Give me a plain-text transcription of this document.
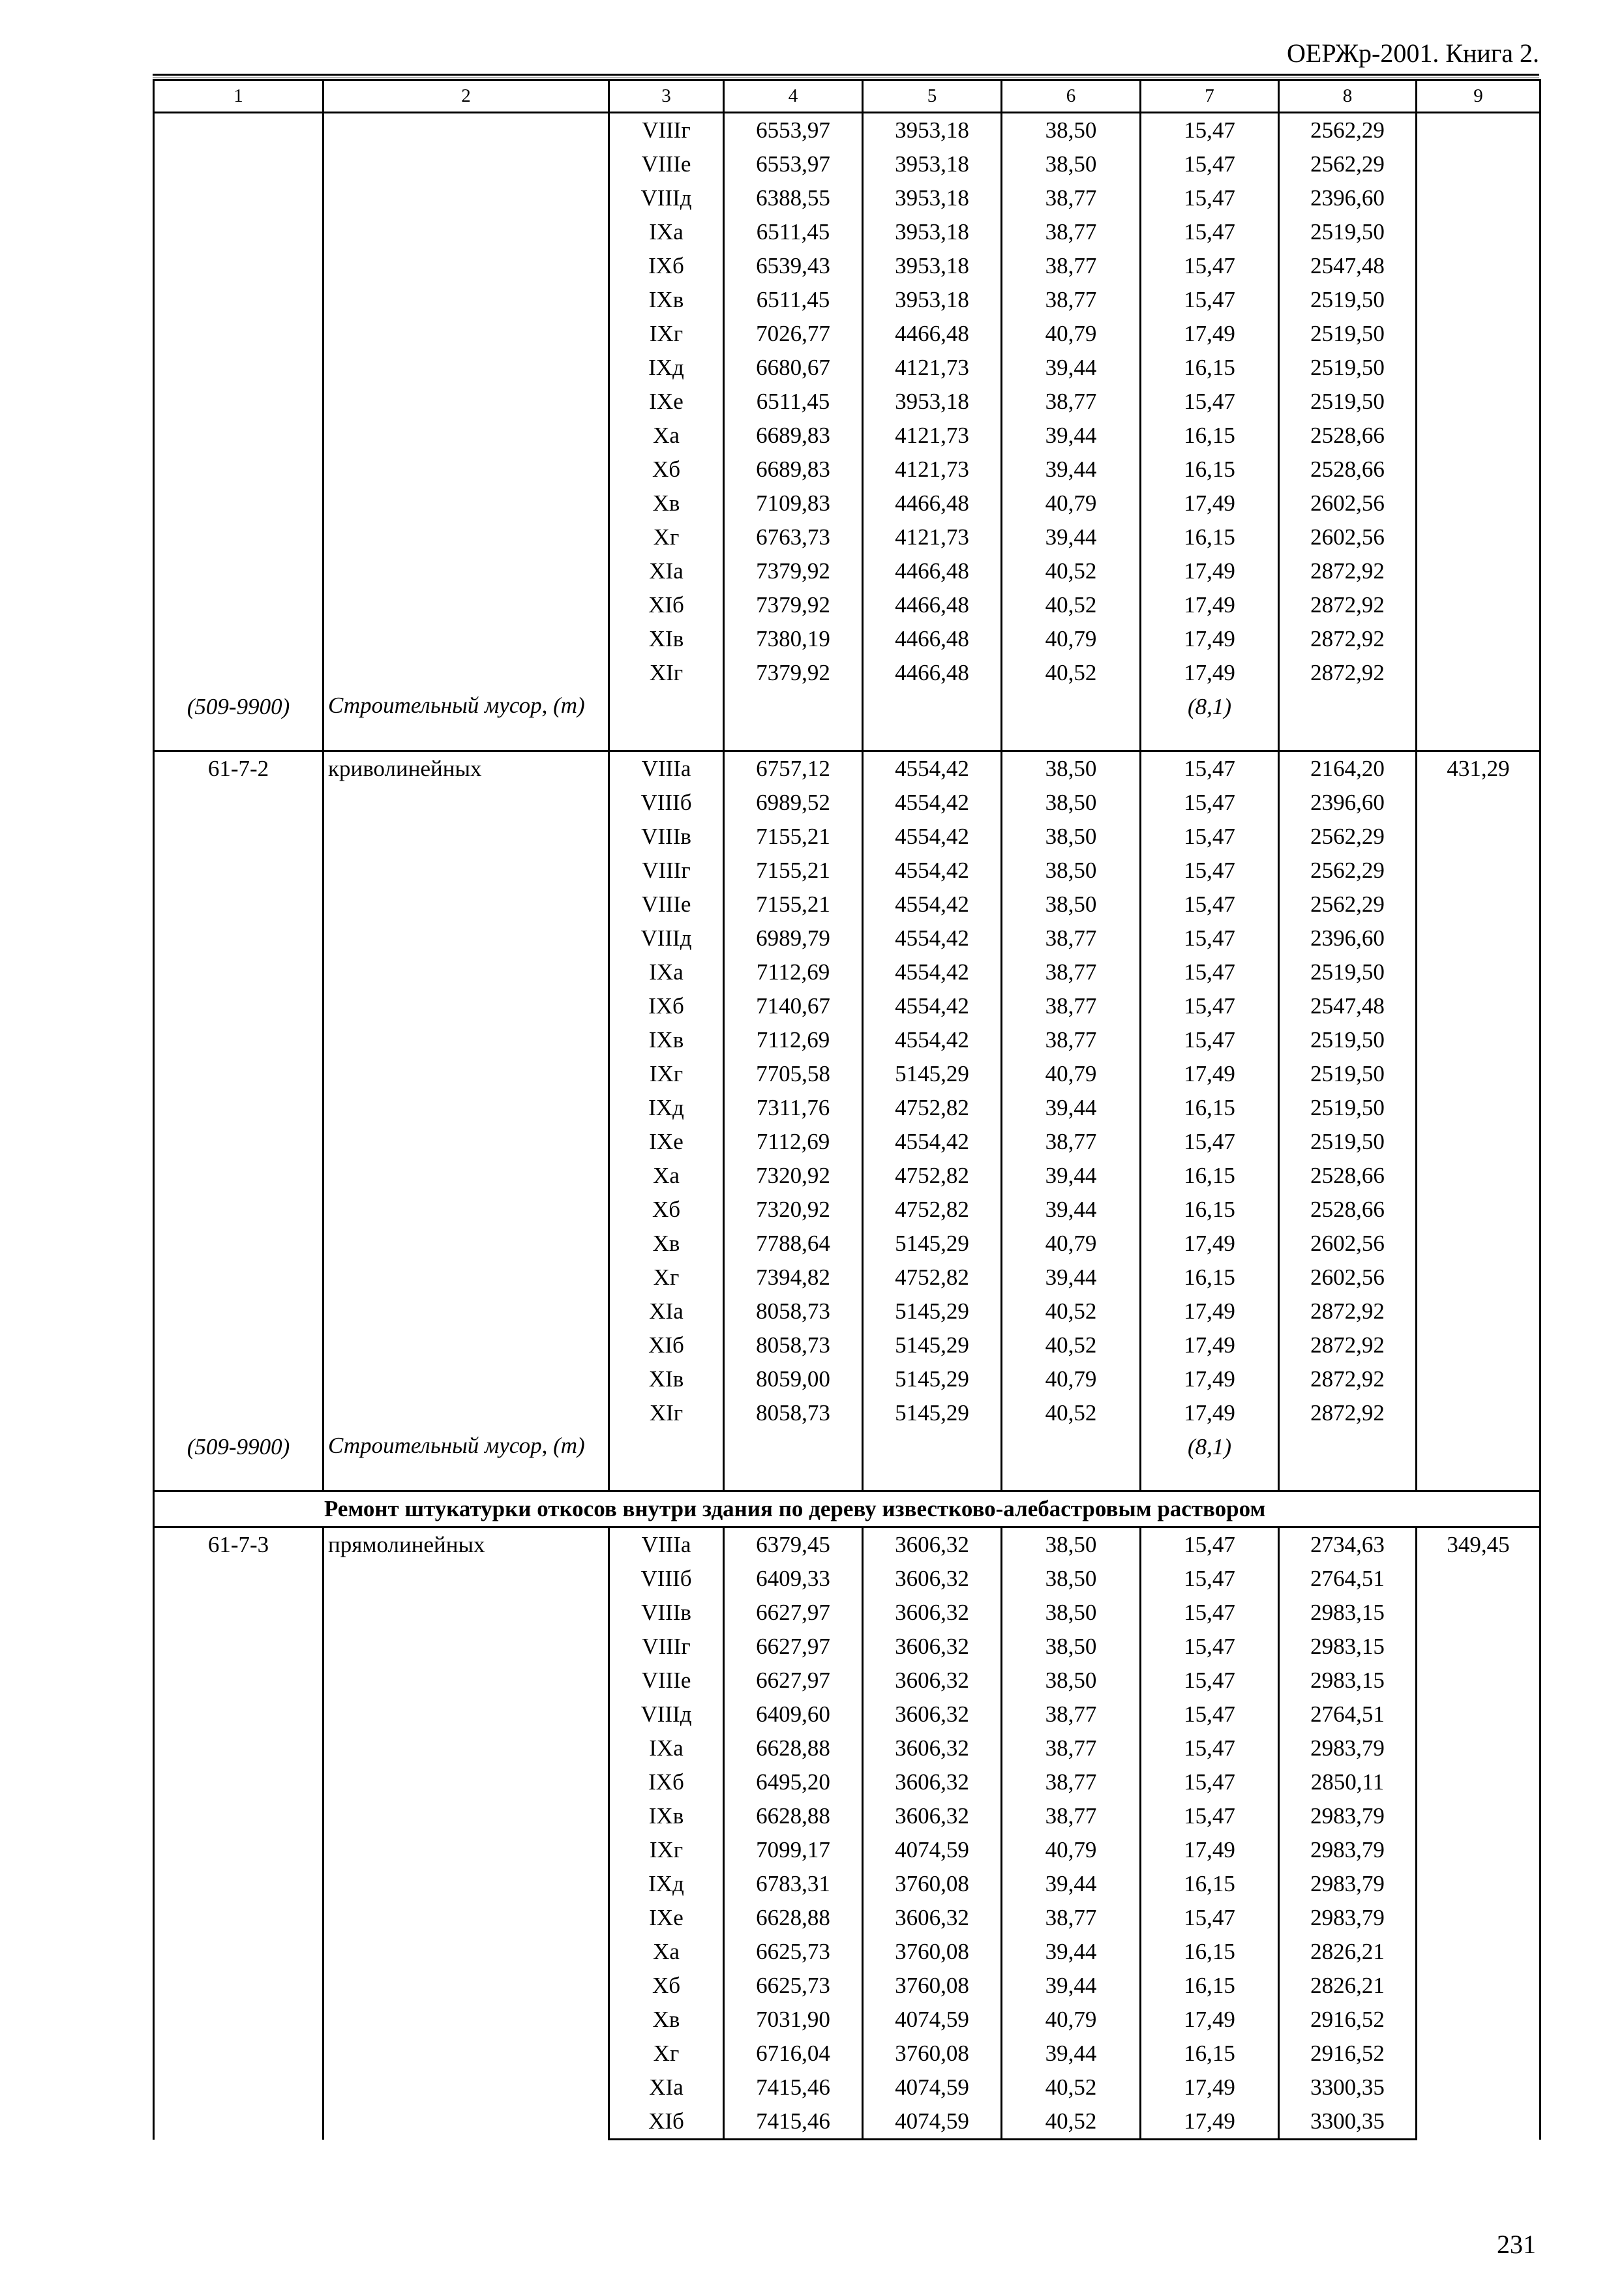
ОЕРЖр-2001. Книга 2.
1	2	3	4	5	6	7	8	9
		VIIIг	6553,97	3953,18	38,50	15,47	2562,29	
		VIIIе	6553,97	3953,18	38,50	15,47	2562,29	
		VIIIд	6388,55	3953,18	38,77	15,47	2396,60	
		IXа	6511,45	3953,18	38,77	15,47	2519,50	
		IXб	6539,43	3953,18	38,77	15,47	2547,48	
		IXв	6511,45	3953,18	38,77	15,47	2519,50	
		IXг	7026,77	4466,48	40,79	17,49	2519,50	
		IXд	6680,67	4121,73	39,44	16,15	2519,50	
		IXе	6511,45	3953,18	38,77	15,47	2519,50	
		Xа	6689,83	4121,73	39,44	16,15	2528,66	
		Xб	6689,83	4121,73	39,44	16,15	2528,66	
		Xв	7109,83	4466,48	40,79	17,49	2602,56	
		Xг	6763,73	4121,73	39,44	16,15	2602,56	
		XIа	7379,92	4466,48	40,52	17,49	2872,92	
		XIб	7379,92	4466,48	40,52	17,49	2872,92	
		XIв	7380,19	4466,48	40,79	17,49	2872,92	
		XIг	7379,92	4466,48	40,52	17,49	2872,92	
(509-9900)	Строительный мусор, (т)					(8,1)		
61-7-2	криволинейных	VIIIа	6757,12	4554,42	38,50	15,47	2164,20	431,29
		VIIIб	6989,52	4554,42	38,50	15,47	2396,60	
		VIIIв	7155,21	4554,42	38,50	15,47	2562,29	
		VIIIг	7155,21	4554,42	38,50	15,47	2562,29	
		VIIIе	7155,21	4554,42	38,50	15,47	2562,29	
		VIIIд	6989,79	4554,42	38,77	15,47	2396,60	
		IXа	7112,69	4554,42	38,77	15,47	2519,50	
		IXб	7140,67	4554,42	38,77	15,47	2547,48	
		IXв	7112,69	4554,42	38,77	15,47	2519,50	
		IXг	7705,58	5145,29	40,79	17,49	2519,50	
		IXд	7311,76	4752,82	39,44	16,15	2519,50	
		IXе	7112,69	4554,42	38,77	15,47	2519,50	
		Xа	7320,92	4752,82	39,44	16,15	2528,66	
		Xб	7320,92	4752,82	39,44	16,15	2528,66	
		Xв	7788,64	5145,29	40,79	17,49	2602,56	
		Xг	7394,82	4752,82	39,44	16,15	2602,56	
		XIа	8058,73	5145,29	40,52	17,49	2872,92	
		XIб	8058,73	5145,29	40,52	17,49	2872,92	
		XIв	8059,00	5145,29	40,79	17,49	2872,92	
		XIг	8058,73	5145,29	40,52	17,49	2872,92	
(509-9900)	Строительный мусор, (т)					(8,1)		
Ремонт штукатурки откосов внутри здания по дереву известково-алебастровым раствором								
61-7-3	прямолинейных	VIIIа	6379,45	3606,32	38,50	15,47	2734,63	349,45
		VIIIб	6409,33	3606,32	38,50	15,47	2764,51	
		VIIIв	6627,97	3606,32	38,50	15,47	2983,15	
		VIIIг	6627,97	3606,32	38,50	15,47	2983,15	
		VIIIе	6627,97	3606,32	38,50	15,47	2983,15	
		VIIIд	6409,60	3606,32	38,77	15,47	2764,51	
		IXа	6628,88	3606,32	38,77	15,47	2983,79	
		IXб	6495,20	3606,32	38,77	15,47	2850,11	
		IXв	6628,88	3606,32	38,77	15,47	2983,79	
		IXг	7099,17	4074,59	40,79	17,49	2983,79	
		IXд	6783,31	3760,08	39,44	16,15	2983,79	
		IXе	6628,88	3606,32	38,77	15,47	2983,79	
		Xа	6625,73	3760,08	39,44	16,15	2826,21	
		Xб	6625,73	3760,08	39,44	16,15	2826,21	
		Xв	7031,90	4074,59	40,79	17,49	2916,52	
		Xг	6716,04	3760,08	39,44	16,15	2916,52	
		XIа	7415,46	4074,59	40,52	17,49	3300,35	
		XIб	7415,46	4074,59	40,52	17,49	3300,35	
231
